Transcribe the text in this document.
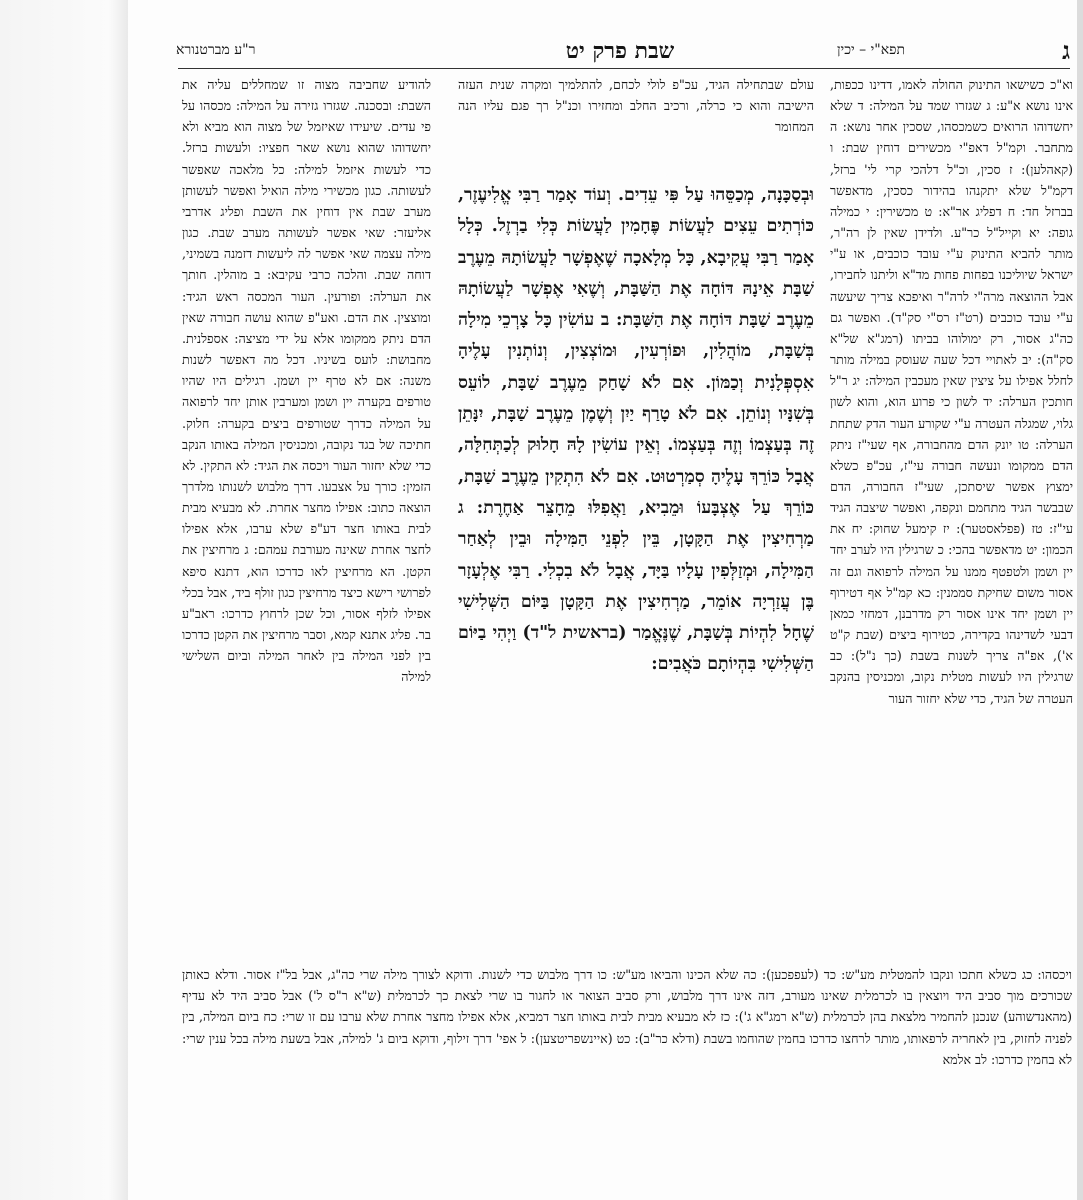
ג
תפא"י – יכין
שבת פרק יט
ר"ע מברטנורא

וא"כ כשישאו התינוק החולה לאמו, דדינו ככפות, אינו נושא א"ע: ג שגזרו שמד על המילה: ד שלא יחשדוהו הרואים כשמכסהו, שסכין אחר נושא: ה מתחבר. וקמ"ל דאפ"י מכשירים דוחין שבת: ו (קאהלען): ז סכין, וכ"ל דלהכי קרי לי' ברזל, דקמ"ל שלא יתקנהו בהידור כסכין, מדאפשר בברזל חד: ח דפליג אר"א: ט מכשירין: י כמילה גופה: יא וקייל"ל כר"ע. ולדידן שאין לן רה"ר, מותר להביא התינוק ע"י עובד כוכבים, או ע"י ישראל שיוליכנו בפחות פחות מד"א וליתנו לחבירו, אבל ההוצאה מרה"י לרה"ר ואיפכא צריך שיעשה ע"י עובד כוכבים (רט"ז רס"י סק"ד). ואפשר גם כה"ג אסור, רק ימולוהו בביתו (רמג"א של"א סק"ה): יב לאתויי דכל שעה שעוסק במילה מותר לחלל אפילו על ציצין שאין מעכבין המילה: יג ר"ל חותכין הערלה: יד לשון כי פרוע הוא, והוא לשון גלוי, שמגלה העטרה ע"י שקורע העור הדק שתחת הערלה: טו יונק הדם מהחבורה, אף שעי"ז ניתק הדם ממקומו ונעשה חבורה עי"ז, עכ"פ כשלא ימצוץ אפשר שיסתכן, שעי"ז החבורה, הדם שבבשר הגיד מתחמם ונקפה, ואפשר שיצבה הגיד עי"ז: טז (פפלאסטער): יז קימעל שחוק: יח את הכמון: יט מדאפשר בהכי: כ שרגילין היו לערב יחד יין ושמן ולטפטף ממנו על המילה לרפואה וגם זה אסור משום שחיקת סממנין: כא קמ"ל אף דטירוף יין ושמן יחד אינו אסור רק מדרבנן, דמחזי כמאן דבעי לשדינהו בקדירה, כטירוף ביצים (שבת ק"ט א'), אפ"ה צריך לשנות בשבת (כך נ"ל): כב שרגילין היו לעשות מטלית נקוב, ומכניסין בהנקב העטרה של הגיד, כדי שלא יחזור העור

עולם שבתחילה הגיד, עכ"פ לולי לכחם, להתלמיך ומקרה שנית העזה הישיבה והוא כי כרלה, ורכיב החלב ומחזירו וכנ"ל רך פגם עליו הנה המחומר

וּבְסַכָּנָה, מְכַסֵּהוּ עַל פִּי עֵדִים. וְעוֹד אָמַר רַבִּי אֱלִיעֶזֶר, כּוֹרְתִים עֵצִים לַעֲשׂוֹת פֶּחָמִין לַעֲשׂוֹת כְּלִי בַרְזֶל. כְּלָל אָמַר רַבִּי עֲקִיבָא, כָּל מְלָאכָה שֶׁאֶפְשָׁר לַעֲשׂוֹתָהּ מֵעֶרֶב שַׁבָּת אֵינָהּ דּוֹחָה אֶת הַשַּׁבָּת, וְשֶׁאִי אֶפְשָׁר לַעֲשׂוֹתָהּ מֵעֶרֶב שַׁבָּת דּוֹחָה אֶת הַשַּׁבָּת: ב עוֹשִׂין כָּל צָרְכֵי מִילָה בְּשַׁבָּת, מוֹהֲלִין, וּפוֹרְעִין, וּמוֹצְצִין, וְנוֹתְנִין עָלֶיהָ אִסְפְּלָנִית וְכַמּוֹן. אִם לֹא שָׁחַק מֵעֶרֶב שַׁבָּת, לוֹעֵס בְּשִׁנָּיו וְנוֹתֵן. אִם לֹא טָרַף יַיִן וְשֶׁמֶן מֵעֶרֶב שַׁבָּת, יִנָּתֵן זֶה בְּעַצְמוֹ וְזֶה בְּעַצְמוֹ. וְאֵין עוֹשִׂין לָהּ חָלוּק לְכַתְּחִלָּה, אֲבָל כּוֹרֵךְ עָלֶיהָ סְמַרְטוּט. אִם לֹא הִתְקִין מֵעֶרֶב שַׁבָּת, כּוֹרֵךְ עַל אֶצְבָּעוֹ וּמֵבִיא, וַאֲפִלּוּ מֵחָצֵר אַחֶרֶת: ג מַרְחִיצִין אֶת הַקָּטָן, בֵּין לִפְנֵי הַמִּילָה וּבֵין לְאַחַר הַמִּילָה, וּמְזַלְּפִין עָלָיו בַּיָּד, אֲבָל לֹא בִכְלִי. רַבִּי אֶלְעָזָר בֶּן עֲזַרְיָה אוֹמֵר, מַרְחִיצִין אֶת הַקָּטָן בַּיּוֹם הַשְּׁלִישִׁי שֶׁחָל לִהְיוֹת בְּשַׁבָּת, שֶׁנֶּאֱמַר (בראשית ל"ד) וַיְהִי בַיּוֹם הַשְּׁלִישִׁי בִּהְיוֹתָם כֹּאֲבִים:

להודיע שחביבה מצוה זו שמחללים עליה את השבת: ובסכנה. שגזרו גזירה על המילה: מכסהו על פי עדים. שיעידו שאיזמל של מצוה הוא מביא ולא יחשדוהו שהוא נושא שאר חפציו: ולעשות ברזל. כדי לעשות איזמל למילה: כל מלאכה שאפשר לעשותה. כגון מכשירי מילה הואיל ואפשר לעשותן מערב שבת אין דוחין את השבת ופליג אדרבי אליעזר: שאי אפשר לעשותה מערב שבת. כגון מילה עצמה שאי אפשר לה ליעשות דזמנה בשמיני, דוחה שבת. והלכה כרבי עקיבא: ב מוהלין. חותך את הערלה: ופורעין. העור המכסה ראש הגיד: ומוצצין. את הדם. ואע"פ שהוא עושה חבורה שאין הדם ניתק ממקומו אלא על ידי מציצה: אספלנית. מחבושת: לועס בשיניו. דכל מה דאפשר לשנות משנה: אם לא טרף יין ושמן. רגילים היו שהיו טורפים בקערה יין ושמן ומערבין אותן יחד לרפואה על המילה כדרך שטורפים ביצים בקערה: חלוק. חתיכה של בגד נקובה, ומכניסין המילה באותו הנקב כדי שלא יחזור העור ויכסה את הגיד: לא התקין. לא הזמין: כורך על אצבעו. דרך מלבוש לשנותו מלדרך הוצאה כתוב: אפילו מחצר אחרת. לא מבעיא מבית לבית באותו חצר דע"פ שלא ערבו, אלא אפילו לחצר אחרת שאינה מעורבת עמהם: ג מרחיצין את הקטן. הא מרחיצין לאו כדרכו הוא, דתנא סיפא לפרושי רישא כיצד מרחיצין כגון זולף ביד, אבל בכלי אפילו לזלף אסור, וכל שכן לרחוץ כדרכו: ראב"ע בר. פליג אתנא קמא, וסבר מרחיצין את הקטן כדרכו בין לפני המילה בין לאחר המילה וביום השלישי למילה

ויכסהו: כג כשלא חתכו ונקבו להמטלית מע"ש: כד (לעפפכען): כה שלא הכינו והביאו מע"ש: כו דרך מלבוש כדי לשנות. ודוקא לצורך מילה שרי כה"ג, אבל בל"ז אסור. ודלא כאותן שכורכים מוך סביב היד ויוצאין בו לכרמלית שאינו מעורב, דזה אינו דרך מלבוש, ורק סביב הצואר או לחגור בו שרי לצאת כך לכרמלית (ש"א ר"ס ל') אבל סביב היד לא עדיף (מהאנדשוהע) שנכנן להחמיר מלצאת בהן לכרמלית (ש"א רמג"א ג'): כז לא מבעיא מבית לבית באותו חצר דמביא, אלא אפילו מחצר אחרת שלא ערבו עם זו שרי: כח ביום המילה, בין לפניה לחזוק, בין לאחריה לרפאותו, מותר לרחצו כדרכו בחמין שהוחמו בשבת (ודלא כר"ב): כט (איינשפריטצען): ל אפי' דרך זילוף, ודוקא ביום ג' למילה, אבל בשעת מילה בכל ענין שרי: לא בחמין כדרכו: לב אלמא
